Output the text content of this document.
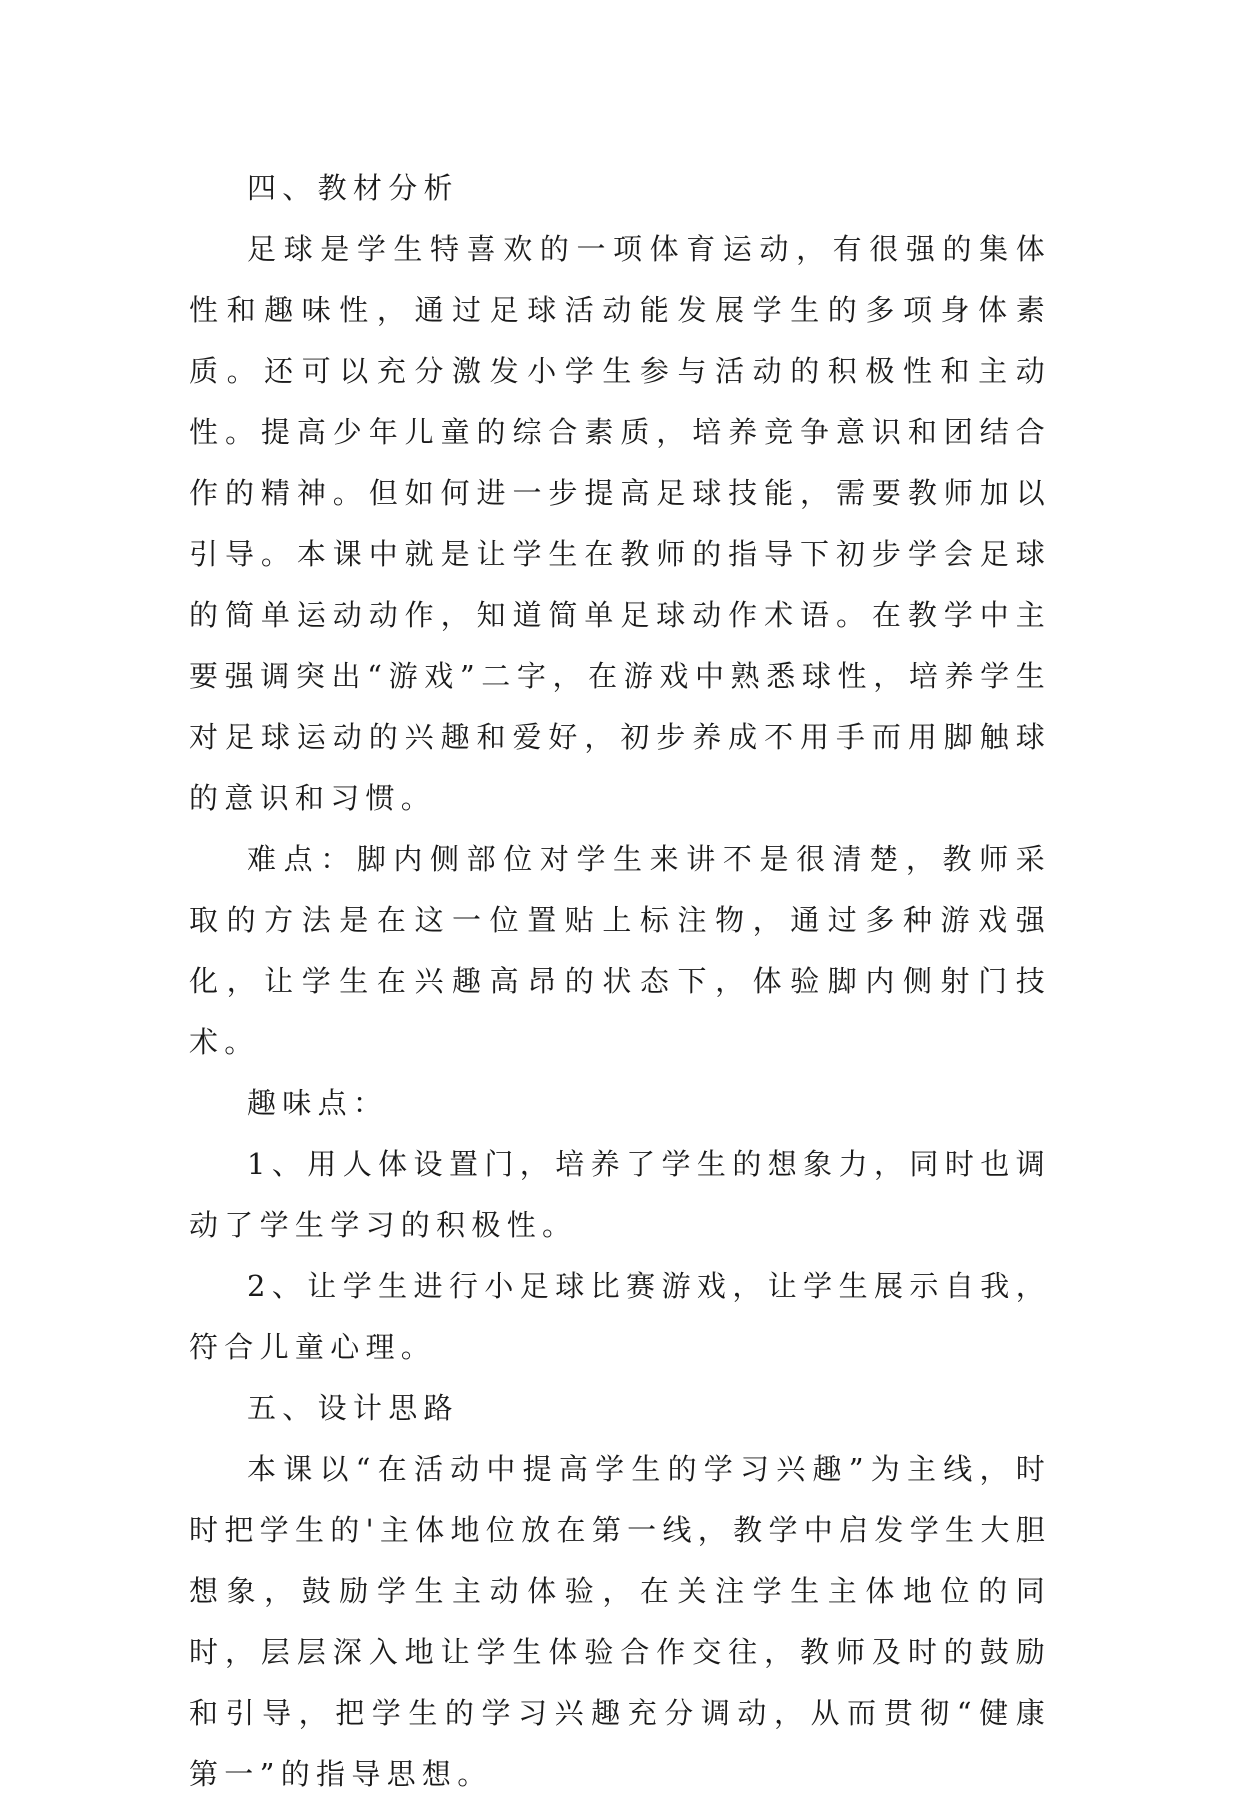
四、教材分析

足球是学生特喜欢的一项体育运动，有很强的集体性和趣味性，通过足球活动能发展学生的多项身体素质。还可以充分激发小学生参与活动的积极性和主动性。提高少年儿童的综合素质，培养竞争意识和团结合作的精神。但如何进一步提高足球技能，需要教师加以引导。本课中就是让学生在教师的指导下初步学会足球的简单运动动作，知道简单足球动作术语。在教学中主要强调突出“游戏”二字，在游戏中熟悉球性，培养学生对足球运动的兴趣和爱好，初步养成不用手而用脚触球的意识和习惯。

难点：脚内侧部位对学生来讲不是很清楚，教师采取的方法是在这一位置贴上标注物，通过多种游戏强化，让学生在兴趣高昂的状态下，体验脚内侧射门技术。

趣味点：

1、用人体设置门，培养了学生的想象力，同时也调动了学生学习的积极性。

2、让学生进行小足球比赛游戏，让学生展示自我，符合儿童心理。

五、设计思路

本课以“在活动中提高学生的学习兴趣”为主线，时时把学生的'主体地位放在第一线，教学中启发学生大胆想象，鼓励学生主动体验，在关注学生主体地位的同时，层层深入地让学生体验合作交往，教师及时的鼓励和引导，把学生的学习兴趣充分调动，从而贯彻“健康第一”的指导思想。
